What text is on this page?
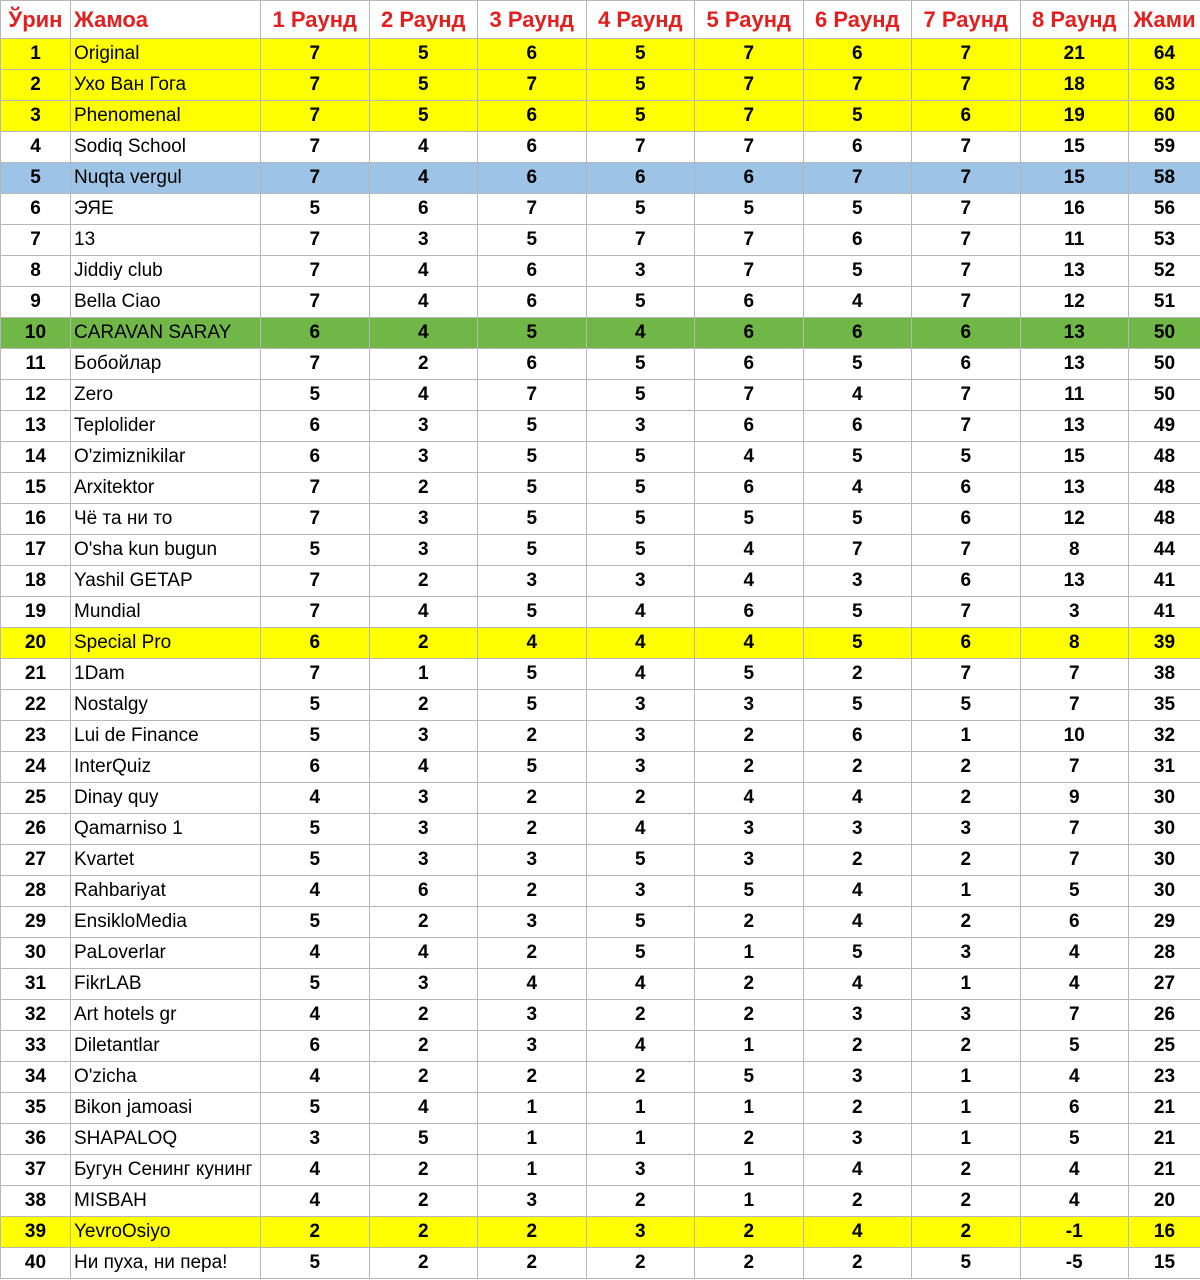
Ўрин	Жамоа	1 Раунд	2 Раунд	3 Раунд	4 Раунд	5 Раунд	6 Раунд	7 Раунд	8 Раунд	Жами
1	Original	7	5	6	5	7	6	7	21	64
2	Ухо Ван Гога	7	5	7	5	7	7	7	18	63
3	Phenomenal	7	5	6	5	7	5	6	19	60
4	Sodiq School	7	4	6	7	7	6	7	15	59
5	Nuqta vergul	7	4	6	6	6	7	7	15	58
6	ЭЯЕ	5	6	7	5	5	5	7	16	56
7	13	7	3	5	7	7	6	7	11	53
8	Jiddiy club	7	4	6	3	7	5	7	13	52
9	Bella Ciao	7	4	6	5	6	4	7	12	51
10	CARAVAN SARAY	6	4	5	4	6	6	6	13	50
11	Бобойлар	7	2	6	5	6	5	6	13	50
12	Zero	5	4	7	5	7	4	7	11	50
13	Teplolider	6	3	5	3	6	6	7	13	49
14	O'zimiznikilar	6	3	5	5	4	5	5	15	48
15	Arxitektor	7	2	5	5	6	4	6	13	48
16	Чё та ни то	7	3	5	5	5	5	6	12	48
17	O'sha kun bugun	5	3	5	5	4	7	7	8	44
18	Yashil GETAP	7	2	3	3	4	3	6	13	41
19	Mundial	7	4	5	4	6	5	7	3	41
20	Special Pro	6	2	4	4	4	5	6	8	39
21	1Dam	7	1	5	4	5	2	7	7	38
22	Nostalgy	5	2	5	3	3	5	5	7	35
23	Lui de Finance	5	3	2	3	2	6	1	10	32
24	InterQuiz	6	4	5	3	2	2	2	7	31
25	Dinay quy	4	3	2	2	4	4	2	9	30
26	Qamarniso 1	5	3	2	4	3	3	3	7	30
27	Kvartet	5	3	3	5	3	2	2	7	30
28	Rahbariyat	4	6	2	3	5	4	1	5	30
29	EnsikloMedia	5	2	3	5	2	4	2	6	29
30	PaLoverlar	4	4	2	5	1	5	3	4	28
31	FikrLAB	5	3	4	4	2	4	1	4	27
32	Art hotels gr	4	2	3	2	2	3	3	7	26
33	Diletantlar	6	2	3	4	1	2	2	5	25
34	O'zicha	4	2	2	2	5	3	1	4	23
35	Bikon jamoasi	5	4	1	1	1	2	1	6	21
36	SHAPALOQ	3	5	1	1	2	3	1	5	21
37	Бугун Сенинг кунинг	4	2	1	3	1	4	2	4	21
38	MISBAH	4	2	3	2	1	2	2	4	20
39	YevroOsiyo	2	2	2	3	2	4	2	-1	16
40	Ни пуха, ни пера!	5	2	2	2	2	2	5	-5	15
